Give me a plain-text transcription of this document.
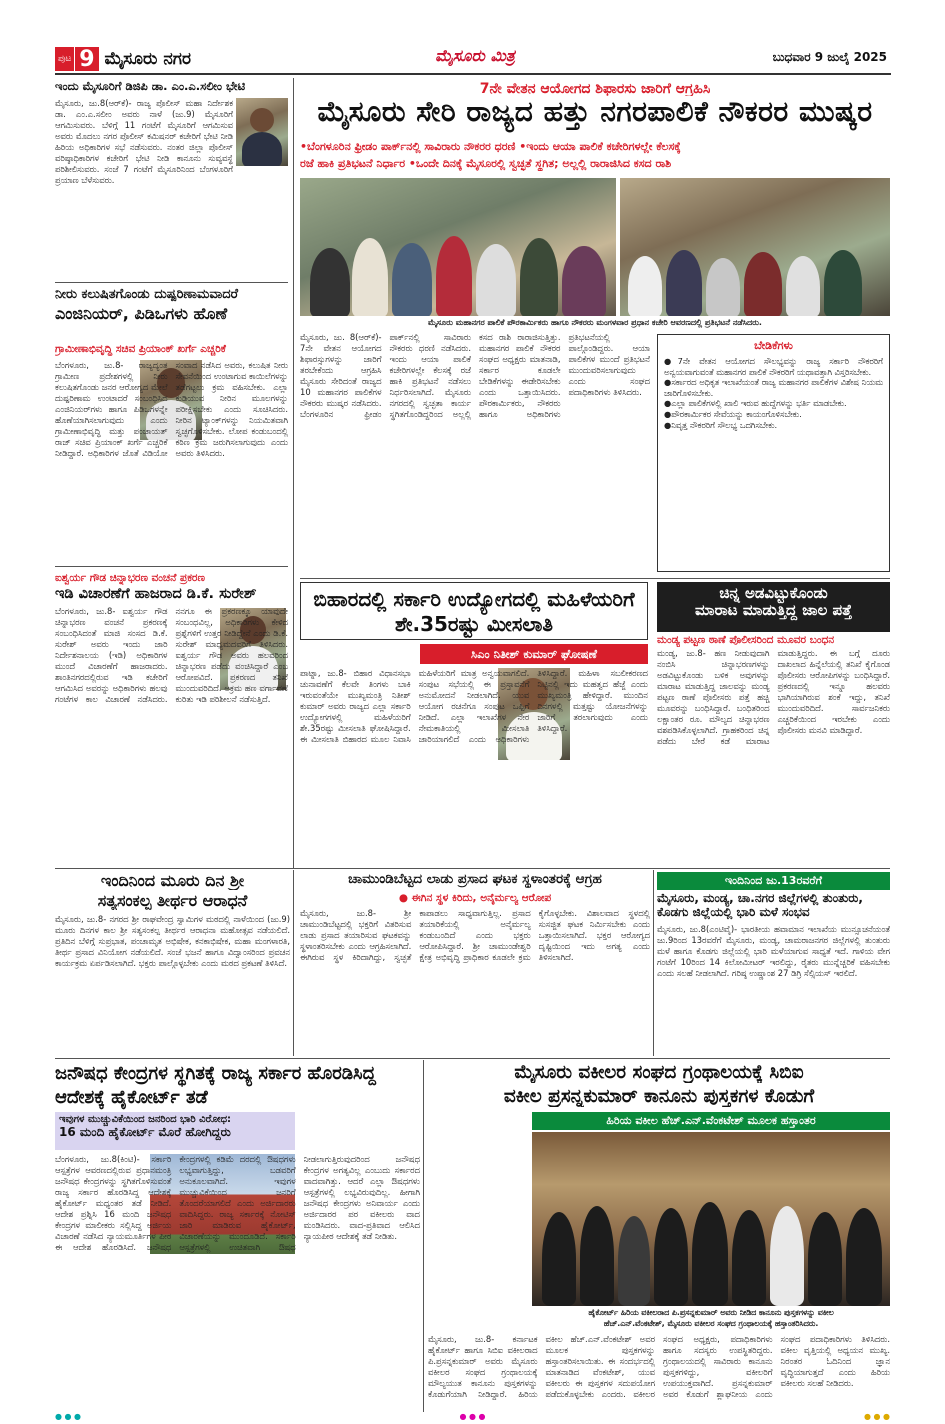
ಪುಟ 9 ಮೈಸೂರು ನಗರ	ಮೈಸೂರು ಮಿತ್ರ	ಬುಧವಾರ 9 ಜುಲೈ 2025
ಇಂದು ಮೈಸೂರಿಗೆ ಡಿಜಿಪಿ ಡಾ. ಎಂ.ಎ.ಸಲೀಂ ಭೇಟಿ
ಮೈಸೂರು, ಜು.8(ಆರ್‌ಕೆ)- ರಾಜ್ಯ ಪೊಲೀಸ್ ಮಹಾ ನಿರ್ದೇಶಕ ಡಾ. ಎಂ.ಎ.ಸಲೀಂ ಅವರು ನಾಳೆ (ಜು.9) ಮೈಸೂರಿಗೆ ಆಗಮಿಸುವರು. ಬೆಳಿಗ್ಗೆ 11 ಗಂಟೆಗೆ ಮೈಸೂರಿಗೆ ಆಗಮಿಸುವ ಅವರು ಮೊದಲು ನಗರ ಪೊಲೀಸ್ ಕಮಿಷನರ್ ಕಚೇರಿಗೆ ಭೇಟಿ ನೀಡಿ ಹಿರಿಯ ಅಧಿಕಾರಿಗಳ ಸಭೆ ನಡೆಸುವರು. ನಂತರ ಜಿಲ್ಲಾ ಪೊಲೀಸ್ ವರಿಷ್ಠಾಧಿಕಾರಿಗಳ ಕಚೇರಿಗೆ ಭೇಟಿ ನೀಡಿ ಕಾನೂನು ಸುವ್ಯವಸ್ಥೆ ಪರಿಶೀಲಿಸುವರು. ಸಂಜೆ 7 ಗಂಟೆಗೆ ಮೈಸೂರಿನಿಂದ ಬೆಂಗಳೂರಿಗೆ ಪ್ರಯಾಣ ಬೆಳೆಸುವರು.
ನೀರು ಕಲುಷಿತಗೊಂಡು ದುಷ್ಪರಿಣಾಮವಾದರೆ
ಎಂಜಿನಿಯರ್, ಪಿಡಿಒಗಳು ಹೊಣೆ
ಗ್ರಾಮೀಣಾಭಿವೃದ್ಧಿ ಸಚಿವ ಪ್ರಿಯಾಂಕ್ ಖರ್ಗೆ ಎಚ್ಚರಿಕೆ
ಬೆಂಗಳೂರು, ಜು.8- ರಾಜ್ಯದ್ಯಂತ ಗ್ರಾಮೀಣ ಪ್ರದೇಶಗಳಲ್ಲಿ ನೀರು ಕಲುಷಿತಗೊಂಡು ಜನರ ಆರೋಗ್ಯದ ಮೇಲೆ ದುಷ್ಪರಿಣಾಮ ಉಂಟಾದರೆ ಸಂಬಂಧಿಸಿದ ಎಂಜಿನಿಯರ್‌ಗಳು ಹಾಗೂ ಪಿಡಿಒಗಳನ್ನೇ ಹೊಣೆಯಾಗಿಸಲಾಗುವುದು ಎಂದು ಗ್ರಾಮೀಣಾಭಿವೃದ್ಧಿ ಮತ್ತು ಪಂಚಾಯತ್ ರಾಜ್ ಸಚಿವ ಪ್ರಿಯಾಂಕ್ ಖರ್ಗೆ ಎಚ್ಚರಿಕೆ ನೀಡಿದ್ದಾರೆ. ಅಧಿಕಾರಿಗಳ ಜೊತೆ ವಿಡಿಯೋ ಸಂವಾದ ನಡೆಸಿದ ಅವರು, ಕಲುಷಿತ ನೀರು ಸೇವನೆಯಿಂದ ಉಂಟಾಗುವ ಕಾಯಿಲೆಗಳನ್ನು ತಡೆಗಟ್ಟಲು ಕ್ರಮ ವಹಿಸಬೇಕು. ಎಲ್ಲಾ ಕುಡಿಯುವ ನೀರಿನ ಮೂಲಗಳನ್ನು ಪರೀಕ್ಷಿಸಬೇಕು ಎಂದು ಸೂಚಿಸಿದರು. ನೀರಿನ ಟ್ಯಾಂಕ್‌ಗಳನ್ನು ನಿಯಮಿತವಾಗಿ ಸ್ವಚ್ಛಗೊಳಿಸಬೇಕು. ಲೋಪ ಕಂಡುಬಂದಲ್ಲಿ ಕಠಿಣ ಕ್ರಮ ಜರುಗಿಸಲಾಗುವುದು ಎಂದು ಅವರು ತಿಳಿಸಿದರು.
ಐಶ್ವರ್ಯ ಗೌಡ ಚಿನ್ನಾಭರಣ ವಂಚನೆ ಪ್ರಕರಣ
ಇಡಿ ವಿಚಾರಣೆಗೆ ಹಾಜರಾದ ಡಿ.ಕೆ. ಸುರೇಶ್
ಬೆಂಗಳೂರು, ಜು.8- ಐಶ್ವರ್ಯ ಗೌಡ ಚಿನ್ನಾಭರಣ ವಂಚನೆ ಪ್ರಕರಣಕ್ಕೆ ಸಂಬಂಧಿಸಿದಂತೆ ಮಾಜಿ ಸಂಸದ ಡಿ.ಕೆ. ಸುರೇಶ್ ಅವರು ಇಂದು ಜಾರಿ ನಿರ್ದೇಶನಾಲಯ (ಇಡಿ) ಅಧಿಕಾರಿಗಳ ಮುಂದೆ ವಿಚಾರಣೆಗೆ ಹಾಜರಾದರು. ಶಾಂತಿನಗರದಲ್ಲಿರುವ ಇಡಿ ಕಚೇರಿಗೆ ಆಗಮಿಸಿದ ಅವರನ್ನು ಅಧಿಕಾರಿಗಳು ಹಲವು ಗಂಟೆಗಳ ಕಾಲ ವಿಚಾರಣೆ ನಡೆಸಿದರು. ನನಗೂ ಈ ಪ್ರಕರಣಕ್ಕೂ ಯಾವುದೇ ಸಂಬಂಧವಿಲ್ಲ, ಅಧಿಕಾರಿಗಳು ಕೇಳಿದ ಪ್ರಶ್ನೆಗಳಿಗೆ ಉತ್ತರ ನೀಡಿದ್ದೇನೆ ಎಂದು ಡಿ.ಕೆ. ಸುರೇಶ್ ಮಾಧ್ಯಮದವರಿಗೆ ತಿಳಿಸಿದರು. ಐಶ್ವರ್ಯ ಗೌಡ ಅವರು ಹಲವರಿಂದ ಚಿನ್ನಾಭರಣ ಪಡೆದು ವಂಚಿಸಿದ್ದಾರೆ ಎಂಬ ಆರೋಪವಿದೆ. ಪ್ರಕರಣದ ತನಿಖೆ ಮುಂದುವರಿದಿದೆ. ಅಕ್ರಮ ಹಣ ವರ್ಗಾವಣೆ ಕುರಿತು ಇಡಿ ಪರಿಶೀಲನೆ ನಡೆಸುತ್ತಿದೆ.
7ನೇ ವೇತನ ಆಯೋಗದ ಶಿಫಾರಸು ಜಾರಿಗೆ ಆಗ್ರಹಿಸಿ
ಮೈಸೂರು ಸೇರಿ ರಾಜ್ಯದ ಹತ್ತು ನಗರಪಾಲಿಕೆ ನೌಕರರ ಮುಷ್ಕರ
•ಬೆಂಗಳೂರಿನ ಫ್ರೀಡಂ ಪಾರ್ಕ್‌ನಲ್ಲಿ ಸಾವಿರಾರು ನೌಕರರ ಧರಣಿ •ಇಂದು ಆಯಾ ಪಾಲಿಕೆ ಕಚೇರಿಗಳಲ್ಲೇ ಕೆಲಸಕ್ಕೆ
ರಜೆ ಹಾಕಿ ಪ್ರತಿಭಟನೆ ನಿರ್ಧಾರ •ಒಂದೇ ದಿನಕ್ಕೆ ಮೈಸೂರಲ್ಲಿ ಸ್ವಚ್ಛತೆ ಸ್ಥಗಿತ; ಅಲ್ಲಲ್ಲಿ ರಾರಾಜಿಸಿದ ಕಸದ ರಾಶಿ
ಮೈಸೂರು ಮಹಾನಗರ ಪಾಲಿಕೆ ಪೌರಕಾರ್ಮಿಕರು ಹಾಗೂ ನೌಕರರು ಮಂಗಳವಾರ ಪ್ರಧಾನ ಕಚೇರಿ ಆವರಣದಲ್ಲಿ ಪ್ರತಿಭಟನೆ ನಡೆಸಿದರು.
ಮೈಸೂರು, ಜು. 8(ಆರ್‌ಕೆ)- 7ನೇ ವೇತನ ಆಯೋಗದ ಶಿಫಾರಸ್ಸುಗಳನ್ನು ಜಾರಿಗೆ ತರಬೇಕೆಂದು ಆಗ್ರಹಿಸಿ ಮೈಸೂರು ಸೇರಿದಂತೆ ರಾಜ್ಯದ 10 ಮಹಾನಗರ ಪಾಲಿಕೆಗಳ ನೌಕರರು ಮುಷ್ಕರ ನಡೆಸಿದರು. ಬೆಂಗಳೂರಿನ ಫ್ರೀಡಂ ಪಾರ್ಕ್‌ನಲ್ಲಿ ಸಾವಿರಾರು ನೌಕರರು ಧರಣಿ ನಡೆಸಿದರು. ಇಂದು ಆಯಾ ಪಾಲಿಕೆ ಕಚೇರಿಗಳಲ್ಲೇ ಕೆಲಸಕ್ಕೆ ರಜೆ ಹಾಕಿ ಪ್ರತಿಭಟನೆ ನಡೆಸಲು ನಿರ್ಧರಿಸಲಾಗಿದೆ. ಮೈಸೂರು ನಗರದಲ್ಲಿ ಸ್ವಚ್ಛತಾ ಕಾರ್ಯ ಸ್ಥಗಿತಗೊಂಡಿದ್ದರಿಂದ ಅಲ್ಲಲ್ಲಿ ಕಸದ ರಾಶಿ ರಾರಾಜಿಸುತ್ತಿತ್ತು. ಮಹಾನಗರ ಪಾಲಿಕೆ ನೌಕರರ ಸಂಘದ ಅಧ್ಯಕ್ಷರು ಮಾತನಾಡಿ, ಸರ್ಕಾರ ಕೂಡಲೇ ಬೇಡಿಕೆಗಳನ್ನು ಈಡೇರಿಸಬೇಕು ಎಂದು ಒತ್ತಾಯಿಸಿದರು. ಪೌರಕಾರ್ಮಿಕರು, ನೌಕರರು ಹಾಗೂ ಅಧಿಕಾರಿಗಳು ಪ್ರತಿಭಟನೆಯಲ್ಲಿ ಪಾಲ್ಗೊಂಡಿದ್ದರು. ಆಯಾ ಪಾಲಿಕೆಗಳ ಮುಂದೆ ಪ್ರತಿಭಟನೆ ಮುಂದುವರಿಸಲಾಗುವುದು ಎಂದು ಸಂಘದ ಪದಾಧಿಕಾರಿಗಳು ತಿಳಿಸಿದರು.
ಬೇಡಿಕೆಗಳು
●7ನೇ ವೇತನ ಆಯೋಗದ ಸೌಲಭ್ಯವನ್ನು ರಾಜ್ಯ ಸರ್ಕಾರಿ ನೌಕರರಿಗೆ ಅನ್ವಯವಾಗುವಂತೆ ಮಹಾನಗರ ಪಾಲಿಕೆ ನೌಕರರಿಗೆ ಯಥಾವತ್ತಾಗಿ ವಿಸ್ತರಿಸಬೇಕು.
●ಸರ್ಕಾರದ ಅಧಿಕೃತ ಇಲಾಖೆಯಂತೆ ರಾಜ್ಯ ಮಹಾನಗರ ಪಾಲಿಕೆಗಳ ವಿಶೇಷ ನಿಯಮ ಜಾರಿಗೊಳಿಸಬೇಕು.
●ಎಲ್ಲಾ ಪಾಲಿಕೆಗಳಲ್ಲಿ ಖಾಲಿ ಇರುವ ಹುದ್ದೆಗಳನ್ನು ಭರ್ತಿ ಮಾಡಬೇಕು.
●ಪೌರಕಾರ್ಮಿಕರ ಸೇವೆಯನ್ನು ಕಾಯಂಗೊಳಿಸಬೇಕು.
●ನಿವೃತ್ತ ನೌಕರರಿಗೆ ಸೌಲಭ್ಯ ಒದಗಿಸಬೇಕು.
ಬಿಹಾರದಲ್ಲಿ ಸರ್ಕಾರಿ ಉದ್ಯೋಗದಲ್ಲಿ ಮಹಿಳೆಯರಿಗೆ ಶೇ.35ರಷ್ಟು ಮೀಸಲಾತಿ
ಸಿಎಂ ನಿತೀಶ್ ಕುಮಾರ್ ಘೋಷಣೆ
ಪಾಟ್ನಾ, ಜು.8- ಬಿಹಾರ ವಿಧಾನಸಭಾ ಚುನಾವಣೆಗೆ ಕೆಲವೇ ತಿಂಗಳು ಬಾಕಿ ಇರುವಂತೆಯೇ ಮುಖ್ಯಮಂತ್ರಿ ನಿತೀಶ್ ಕುಮಾರ್ ಅವರು ರಾಜ್ಯದ ಎಲ್ಲಾ ಸರ್ಕಾರಿ ಉದ್ಯೋಗಗಳಲ್ಲಿ ಮಹಿಳೆಯರಿಗೆ ಶೇ.35ರಷ್ಟು ಮೀಸಲಾತಿ ಘೋಷಿಸಿದ್ದಾರೆ. ಈ ಮೀಸಲಾತಿ ಬಿಹಾರದ ಮೂಲ ನಿವಾಸಿ ಮಹಿಳೆಯರಿಗೆ ಮಾತ್ರ ಅನ್ವಯವಾಗಲಿದೆ. ಸಂಪುಟ ಸಭೆಯಲ್ಲಿ ಈ ಪ್ರಸ್ತಾವನೆಗೆ ಅನುಮೋದನೆ ನೀಡಲಾಗಿದೆ. ಯುವ ಆಯೋಗ ರಚನೆಗೂ ಸಂಪುಟ ಒಪ್ಪಿಗೆ ನೀಡಿದೆ. ಎಲ್ಲಾ ಇಲಾಖೆಗಳ ನೇರ ನೇಮಕಾತಿಯಲ್ಲಿ ಮೀಸಲಾತಿ ಜಾರಿಯಾಗಲಿದೆ ಎಂದು ಅಧಿಕಾರಿಗಳು ತಿಳಿಸಿದ್ದಾರೆ. ಮಹಿಳಾ ಸಬಲೀಕರಣದ ನಿಟ್ಟಿನಲ್ಲಿ ಇದು ಮಹತ್ವದ ಹೆಜ್ಜೆ ಎಂದು ಮುಖ್ಯಮಂತ್ರಿ ಹೇಳಿದ್ದಾರೆ. ಮುಂದಿನ ದಿನಗಳಲ್ಲಿ ಮತ್ತಷ್ಟು ಯೋಜನೆಗಳನ್ನು ಜಾರಿಗೆ ತರಲಾಗುವುದು ಎಂದು ತಿಳಿಸಿದ್ದಾರೆ.
ಚಿನ್ನ ಅಡವಿಟ್ಟುಕೊಂಡು
ಮಾರಾಟ ಮಾಡುತ್ತಿದ್ದ ಜಾಲ ಪತ್ತೆ
ಮಂಡ್ಯ ಪಟ್ಟಣ ಠಾಣೆ ಪೊಲೀಸರಿಂದ ಮೂವರ ಬಂಧನ
ಮಂಡ್ಯ, ಜು.8- ಹಣ ನೀಡುವುದಾಗಿ ನಂಬಿಸಿ ಚಿನ್ನಾಭರಣಗಳನ್ನು ಅಡವಿಟ್ಟುಕೊಂಡು ಬಳಿಕ ಅವುಗಳನ್ನು ಮಾರಾಟ ಮಾಡುತ್ತಿದ್ದ ಜಾಲವನ್ನು ಮಂಡ್ಯ ಪಟ್ಟಣ ಠಾಣೆ ಪೊಲೀಸರು ಪತ್ತೆ ಹಚ್ಚಿ ಮೂವರನ್ನು ಬಂಧಿಸಿದ್ದಾರೆ. ಬಂಧಿತರಿಂದ ಲಕ್ಷಾಂತರ ರೂ. ಮೌಲ್ಯದ ಚಿನ್ನಾಭರಣ ವಶಪಡಿಸಿಕೊಳ್ಳಲಾಗಿದೆ. ಗ್ರಾಹಕರಿಂದ ಚಿನ್ನ ಪಡೆದು ಬೇರೆ ಕಡೆ ಮಾರಾಟ ಮಾಡುತ್ತಿದ್ದರು. ಈ ಬಗ್ಗೆ ದೂರು ದಾಖಲಾದ ಹಿನ್ನೆಲೆಯಲ್ಲಿ ತನಿಖೆ ಕೈಗೊಂಡ ಪೊಲೀಸರು ಆರೋಪಿಗಳನ್ನು ಬಂಧಿಸಿದ್ದಾರೆ. ಪ್ರಕರಣದಲ್ಲಿ ಇನ್ನೂ ಹಲವರು ಭಾಗಿಯಾಗಿರುವ ಶಂಕೆ ಇದ್ದು, ತನಿಖೆ ಮುಂದುವರಿದಿದೆ. ಸಾರ್ವಜನಿಕರು ಎಚ್ಚರಿಕೆಯಿಂದ ಇರಬೇಕು ಎಂದು ಪೊಲೀಸರು ಮನವಿ ಮಾಡಿದ್ದಾರೆ.
ಇಂದಿನಿಂದ ಮೂರು ದಿನ ಶ್ರೀ
ಸತ್ಯಸಂಕಲ್ಪ ತೀರ್ಥರ ಆರಾಧನೆ
ಮೈಸೂರು, ಜು.8- ನಗರದ ಶ್ರೀ ರಾಘವೇಂದ್ರ ಸ್ವಾಮಿಗಳ ಮಠದಲ್ಲಿ ನಾಳೆಯಿಂದ (ಜು.9) ಮೂರು ದಿನಗಳ ಕಾಲ ಶ್ರೀ ಸತ್ಯಸಂಕಲ್ಪ ತೀರ್ಥರ ಆರಾಧನಾ ಮಹೋತ್ಸವ ನಡೆಯಲಿದೆ. ಪ್ರತಿದಿನ ಬೆಳಿಗ್ಗೆ ಸುಪ್ರಭಾತ, ಪಂಚಾಮೃತ ಅಭಿಷೇಕ, ಕನಕಾಭಿಷೇಕ, ಮಹಾ ಮಂಗಳಾರತಿ, ತೀರ್ಥ ಪ್ರಸಾದ ವಿನಿಯೋಗ ನಡೆಯಲಿದೆ. ಸಂಜೆ ಭಜನೆ ಹಾಗೂ ವಿದ್ವಾಂಸರಿಂದ ಪ್ರವಚನ ಕಾರ್ಯಕ್ರಮ ಏರ್ಪಡಿಸಲಾಗಿದೆ. ಭಕ್ತರು ಪಾಲ್ಗೊಳ್ಳಬೇಕು ಎಂದು ಮಠದ ಪ್ರಕಟಣೆ ತಿಳಿಸಿದೆ.
ಚಾಮುಂಡಿಬೆಟ್ಟದ ಲಾಡು ಪ್ರಸಾದ ಘಟಕ ಸ್ಥಳಾಂತರಕ್ಕೆ ಆಗ್ರಹ
● ಈಗಿನ ಸ್ಥಳ ಕಿರಿದು, ಅನೈರ್ಮಲ್ಯ ಆರೋಪ
ಮೈಸೂರು, ಜು.8- ಶ್ರೀ ಚಾಮುಂಡಿಬೆಟ್ಟದಲ್ಲಿ ಭಕ್ತರಿಗೆ ವಿತರಿಸುವ ಲಾಡು ಪ್ರಸಾದ ತಯಾರಿಸುವ ಘಟಕವನ್ನು ಸ್ಥಳಾಂತರಿಸಬೇಕು ಎಂದು ಆಗ್ರಹಿಸಲಾಗಿದೆ. ಈಗಿರುವ ಸ್ಥಳ ಕಿರಿದಾಗಿದ್ದು, ಸ್ವಚ್ಛತೆ ಕಾಪಾಡಲು ಸಾಧ್ಯವಾಗುತ್ತಿಲ್ಲ. ಪ್ರಸಾದ ತಯಾರಿಕೆಯಲ್ಲಿ ಅನೈರ್ಮಲ್ಯ ಕಂಡುಬಂದಿದೆ ಎಂದು ಭಕ್ತರು ಆರೋಪಿಸಿದ್ದಾರೆ. ಶ್ರೀ ಚಾಮುಂಡೇಶ್ವರಿ ಕ್ಷೇತ್ರ ಅಭಿವೃದ್ಧಿ ಪ್ರಾಧಿಕಾರ ಕೂಡಲೇ ಕ್ರಮ ಕೈಗೊಳ್ಳಬೇಕು. ವಿಶಾಲವಾದ ಸ್ಥಳದಲ್ಲಿ ಸುಸಜ್ಜಿತ ಘಟಕ ನಿರ್ಮಿಸಬೇಕು ಎಂದು ಒತ್ತಾಯಿಸಲಾಗಿದೆ. ಭಕ್ತರ ಆರೋಗ್ಯದ ದೃಷ್ಟಿಯಿಂದ ಇದು ಅಗತ್ಯ ಎಂದು ತಿಳಿಸಲಾಗಿದೆ.
ಇಂದಿನಿಂದ ಜು.13ರವರೆಗೆ
ಮೈಸೂರು, ಮಂಡ್ಯ, ಚಾ.ನಗರ ಜಿಲ್ಲೆಗಳಲ್ಲಿ ತುಂತುರು, ಕೊಡಗು ಜಿಲ್ಲೆಯಲ್ಲಿ ಭಾರಿ ಮಳೆ ಸಂಭವ
ಮೈಸೂರು, ಜು.8(ಎಂಟಿವೈ)- ಭಾರತೀಯ ಹವಾಮಾನ ಇಲಾಖೆಯ ಮುನ್ಸೂಚನೆಯಂತೆ ಜು.9ರಿಂದ 13ರವರೆಗೆ ಮೈಸೂರು, ಮಂಡ್ಯ, ಚಾಮರಾಜನಗರ ಜಿಲ್ಲೆಗಳಲ್ಲಿ ತುಂತುರು ಮಳೆ ಹಾಗೂ ಕೊಡಗು ಜಿಲ್ಲೆಯಲ್ಲಿ ಭಾರಿ ಮಳೆಯಾಗುವ ಸಾಧ್ಯತೆ ಇದೆ. ಗಾಳಿಯ ವೇಗ ಗಂಟೆಗೆ 10ರಿಂದ 14 ಕಿಲೋಮೀಟರ್ ಇರಲಿದ್ದು, ರೈತರು ಮುನ್ನೆಚ್ಚರಿಕೆ ವಹಿಸಬೇಕು ಎಂದು ಸಲಹೆ ನೀಡಲಾಗಿದೆ. ಗರಿಷ್ಠ ಉಷ್ಣಾಂಶ 27 ಡಿಗ್ರಿ ಸೆಲ್ಸಿಯಸ್ ಇರಲಿದೆ.
ಜನೌಷಧ ಕೇಂದ್ರಗಳ ಸ್ಥಗಿತಕ್ಕೆ ರಾಜ್ಯ ಸರ್ಕಾರ ಹೊರಡಿಸಿದ್ದ ಆದೇಶಕ್ಕೆ ಹೈಕೋರ್ಟ್ ತಡೆ
ಇವುಗಳ ಮುಚ್ಚುವಿಕೆಯಿಂದ ಜನರಿಂದ ಭಾರಿ ವಿರೋಧ:
16 ಮಂದಿ ಹೈಕೋರ್ಟ್ ಮೊರೆ ಹೋಗಿದ್ದರು
ಬೆಂಗಳೂರು, ಜು.8(ಕಿಂಟಿ)- ಸರ್ಕಾರಿ ಆಸ್ಪತ್ರೆಗಳ ಆವರಣದಲ್ಲಿರುವ ಪ್ರಧಾನಮಂತ್ರಿ ಜನೌಷಧ ಕೇಂದ್ರಗಳನ್ನು ಸ್ಥಗಿತಗೊಳಿಸುವಂತೆ ರಾಜ್ಯ ಸರ್ಕಾರ ಹೊರಡಿಸಿದ್ದ ಆದೇಶಕ್ಕೆ ಹೈಕೋರ್ಟ್ ಮಧ್ಯಂತರ ತಡೆ ನೀಡಿದೆ. ಆದೇಶ ಪ್ರಶ್ನಿಸಿ 16 ಮಂದಿ ಜನೌಷಧ ಕೇಂದ್ರಗಳ ಮಾಲೀಕರು ಸಲ್ಲಿಸಿದ್ದ ಅರ್ಜಿಯ ವಿಚಾರಣೆ ನಡೆಸಿದ ನ್ಯಾಯಮೂರ್ತಿಗಳ ಪೀಠ ಈ ಆದೇಶ ಹೊರಡಿಸಿದೆ. ಜನೌಷಧ ಕೇಂದ್ರಗಳಲ್ಲಿ ಕಡಿಮೆ ದರದಲ್ಲಿ ಔಷಧಗಳು ಲಭ್ಯವಾಗುತ್ತಿದ್ದು, ಬಡವರಿಗೆ ಅನುಕೂಲವಾಗಿದೆ. ಇವುಗಳ ಮುಚ್ಚುವಿಕೆಯಿಂದ ಜನರಿಗೆ ತೊಂದರೆಯಾಗಲಿದೆ ಎಂದು ಅರ್ಜಿದಾರರು ವಾದಿಸಿದ್ದರು. ರಾಜ್ಯ ಸರ್ಕಾರಕ್ಕೆ ನೋಟಿಸ್ ಜಾರಿ ಮಾಡಿರುವ ಹೈಕೋರ್ಟ್, ವಿಚಾರಣೆಯನ್ನು ಮುಂದೂಡಿದೆ. ಸರ್ಕಾರಿ ಆಸ್ಪತ್ರೆಗಳಲ್ಲಿ ಉಚಿತವಾಗಿ ಔಷಧ ನೀಡಲಾಗುತ್ತಿರುವುದರಿಂದ ಜನೌಷಧ ಕೇಂದ್ರಗಳ ಅಗತ್ಯವಿಲ್ಲ ಎಂಬುದು ಸರ್ಕಾರದ ವಾದವಾಗಿತ್ತು. ಆದರೆ ಎಲ್ಲಾ ಔಷಧಗಳು ಆಸ್ಪತ್ರೆಗಳಲ್ಲಿ ಲಭ್ಯವಿರುವುದಿಲ್ಲ. ಹೀಗಾಗಿ ಜನೌಷಧ ಕೇಂದ್ರಗಳು ಅನಿವಾರ್ಯ ಎಂದು ಅರ್ಜಿದಾರರ ಪರ ವಕೀಲರು ವಾದ ಮಂಡಿಸಿದರು. ವಾದ-ಪ್ರತಿವಾದ ಆಲಿಸಿದ ನ್ಯಾಯಪೀಠ ಆದೇಶಕ್ಕೆ ತಡೆ ನೀಡಿತು.
ಮೈಸೂರು ವಕೀಲರ ಸಂಘದ ಗ್ರಂಥಾಲಯಕ್ಕೆ ಸಿಬಿಐ
ವಕೀಲ ಪ್ರಸನ್ನಕುಮಾರ್ ಕಾನೂನು ಪುಸ್ತಕಗಳ ಕೊಡುಗೆ
ಹಿರಿಯ ವಕೀಲ ಹೆಚ್.ಎನ್.ವೆಂಕಟೇಶ್ ಮೂಲಕ ಹಸ್ತಾಂತರ
ಹೈಕೋರ್ಟ್ ಹಿರಿಯ ವಕೀಲರಾದ ಪಿ.ಪ್ರಸನ್ನಕುಮಾರ್ ಅವರು ನೀಡಿದ ಕಾನೂನು ಪುಸ್ತಕಗಳನ್ನು ವಕೀಲ
ಹೆಚ್.ಎನ್.ವೆಂಕಟೇಶ್, ಮೈಸೂರು ವಕೀಲರ ಸಂಘದ ಗ್ರಂಥಾಲಯಕ್ಕೆ ಹಸ್ತಾಂತರಿಸಿದರು.
ಮೈಸೂರು, ಜು.8- ಕರ್ನಾಟಕ ಹೈಕೋರ್ಟ್ ಹಾಗೂ ಸಿಬಿಐ ವಕೀಲರಾದ ಪಿ.ಪ್ರಸನ್ನಕುಮಾರ್ ಅವರು ಮೈಸೂರು ವಕೀಲರ ಸಂಘದ ಗ್ರಂಥಾಲಯಕ್ಕೆ ಮೌಲ್ಯಯುತ ಕಾನೂನು ಪುಸ್ತಕಗಳನ್ನು ಕೊಡುಗೆಯಾಗಿ ನೀಡಿದ್ದಾರೆ. ಹಿರಿಯ ವಕೀಲ ಹೆಚ್.ಎನ್.ವೆಂಕಟೇಶ್ ಅವರ ಮೂಲಕ ಪುಸ್ತಕಗಳನ್ನು ಹಸ್ತಾಂತರಿಸಲಾಯಿತು. ಈ ಸಂದರ್ಭದಲ್ಲಿ ಮಾತನಾಡಿದ ವೆಂಕಟೇಶ್, ಯುವ ವಕೀಲರು ಈ ಪುಸ್ತಕಗಳ ಸದುಪಯೋಗ ಪಡೆದುಕೊಳ್ಳಬೇಕು ಎಂದರು. ವಕೀಲರ ಸಂಘದ ಅಧ್ಯಕ್ಷರು, ಪದಾಧಿಕಾರಿಗಳು ಹಾಗೂ ಸದಸ್ಯರು ಉಪಸ್ಥಿತರಿದ್ದರು. ಗ್ರಂಥಾಲಯದಲ್ಲಿ ಸಾವಿರಾರು ಕಾನೂನು ಪುಸ್ತಕಗಳಿದ್ದು, ವಕೀಲರಿಗೆ ಉಪಯುಕ್ತವಾಗಿದೆ. ಪ್ರಸನ್ನಕುಮಾರ್ ಅವರ ಕೊಡುಗೆ ಶ್ಲಾಘನೀಯ ಎಂದು ಸಂಘದ ಪದಾಧಿಕಾರಿಗಳು ತಿಳಿಸಿದರು. ವಕೀಲ ವೃತ್ತಿಯಲ್ಲಿ ಅಧ್ಯಯನ ಮುಖ್ಯ. ನಿರಂತರ ಓದಿನಿಂದ ಜ್ಞಾನ ವೃದ್ಧಿಯಾಗುತ್ತದೆ ಎಂದು ಹಿರಿಯ ವಕೀಲರು ಸಲಹೆ ನೀಡಿದರು.
● ● ●	● ● ●	● ● ●
